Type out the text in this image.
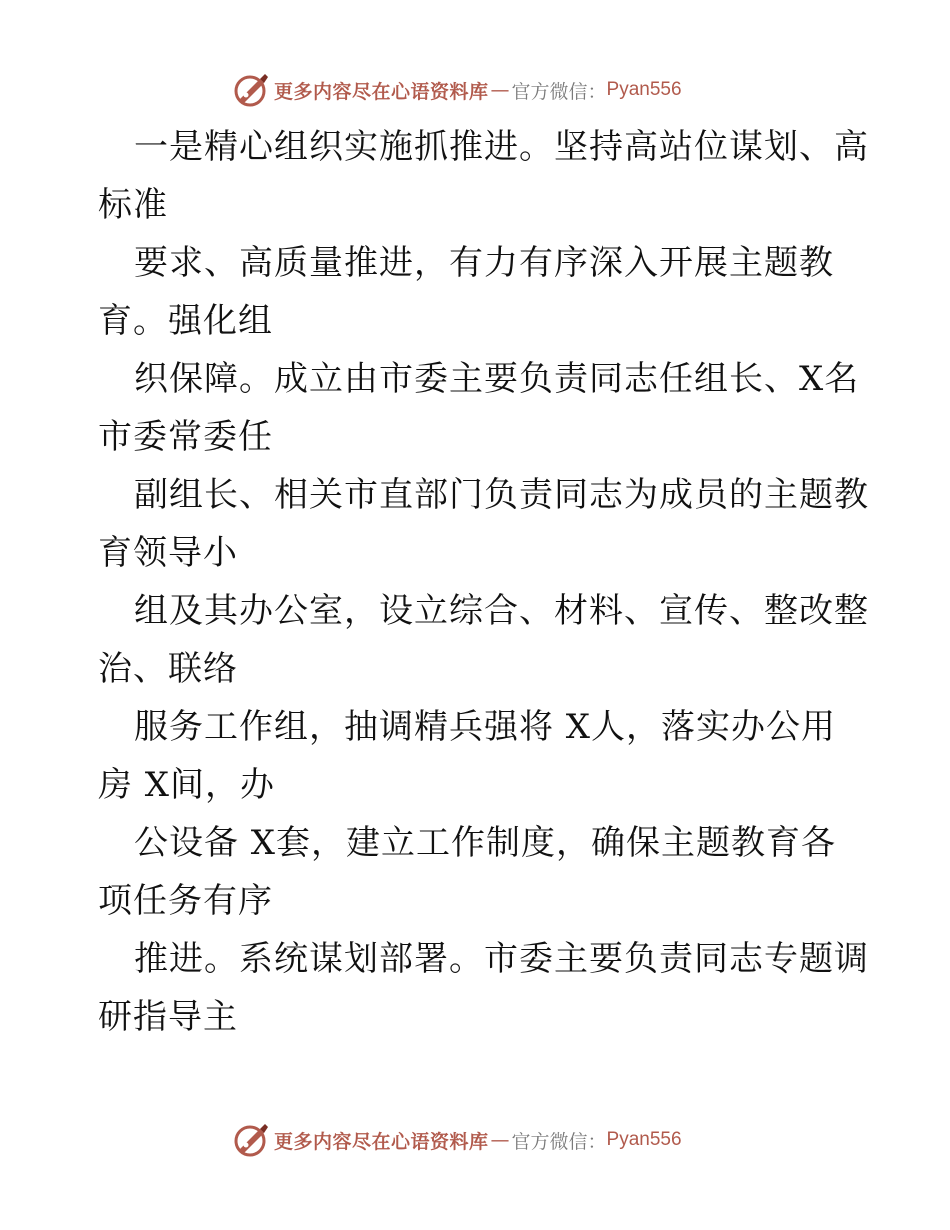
更多内容尽在心语资料库 — 官方微信： Pyan556
一是精心组织实施抓推进。坚持高站位谋划、高
标准
要求、高质量推进，有力有序深入开展主题教
育。强化组
织保障。成立由市委主要负责同志任组长、X名
市委常委任
副组长、相关市直部门负责同志为成员的主题教
育领导小
组及其办公室，设立综合、材料、宣传、整改整
治、联络
服务工作组，抽调精兵强将 X人，落实办公用
房 X间，办
公设备 X套，建立工作制度，确保主题教育各
项任务有序
推进。系统谋划部署。市委主要负责同志专题调
研指导主
更多内容尽在心语资料库 — 官方微信： Pyan556
